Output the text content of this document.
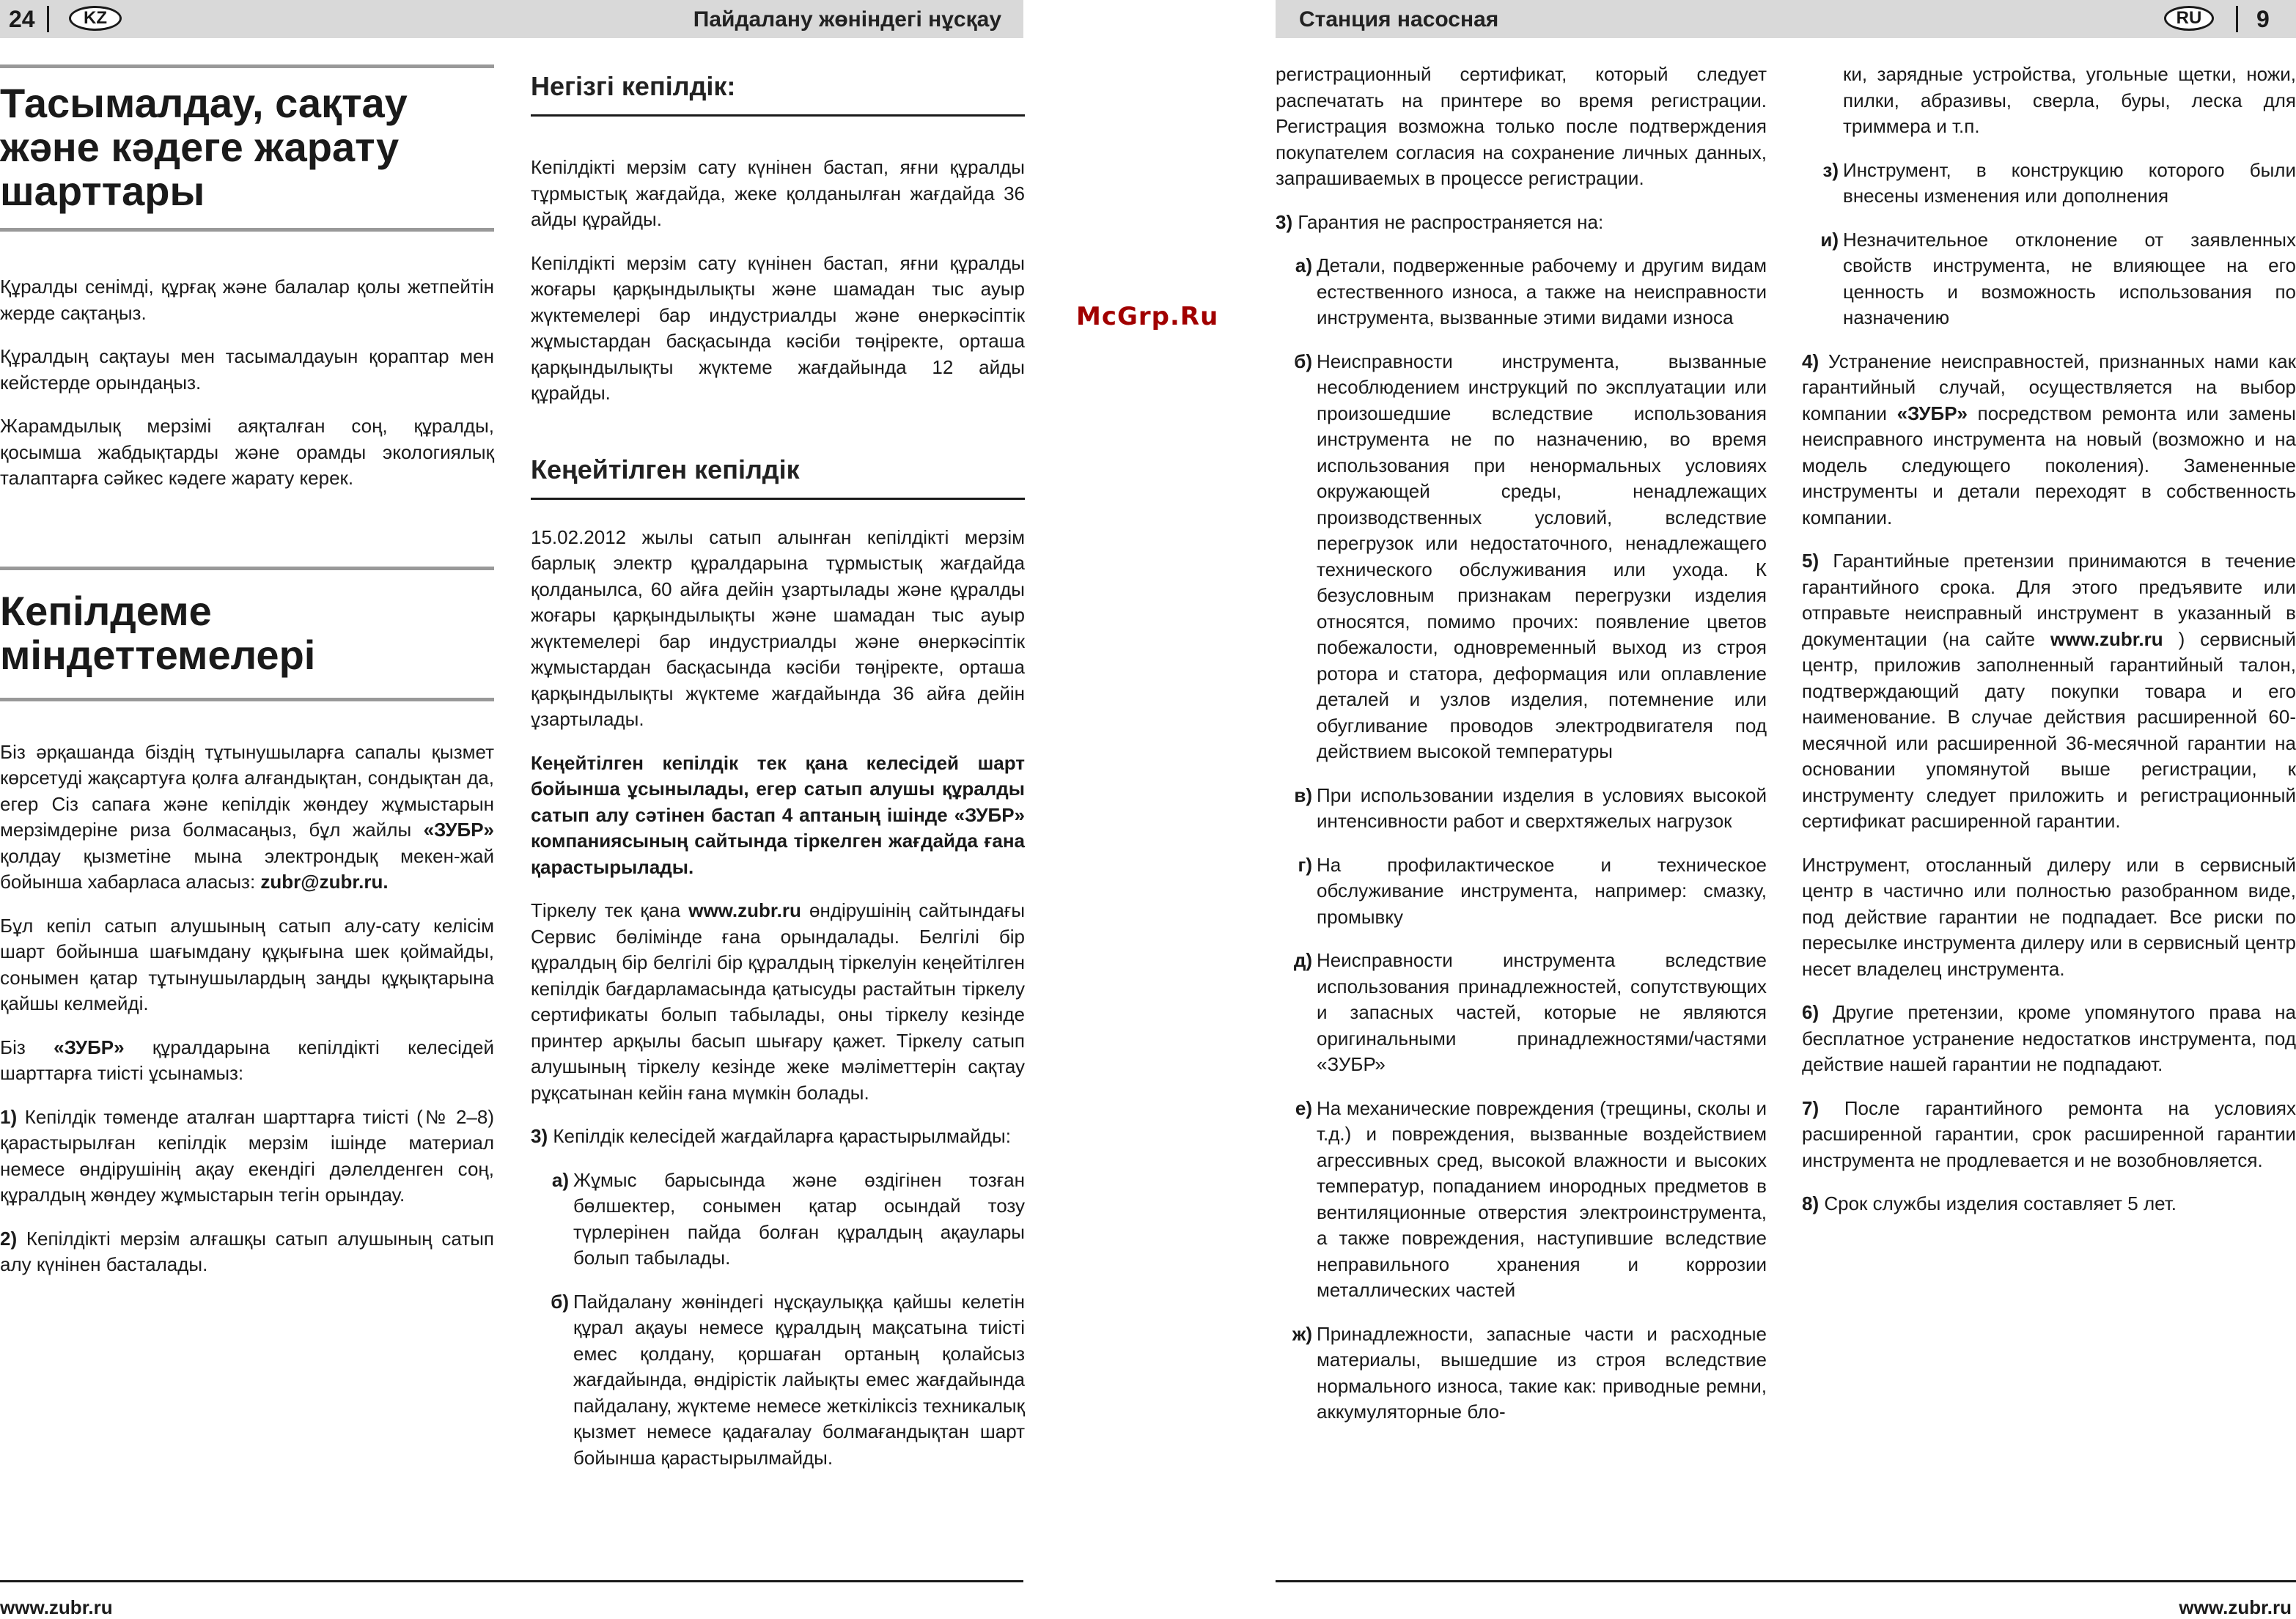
24	KZ	Пайдалану жөніндегі нұсқау	Станция насосная	RU	9
Тасымалдау, сақтау
және кәдеге жарату
шарттары

Құралды сенімді, құрғақ және балалар қолы жетпейтін жерде сақтаңыз.

Құралдың сақтауы мен тасымалдауын қораптар мен кейстерде орындаңыз.

Жарамдылық мерзімі аяқталған соң, құралды, қосымша жабдықтарды және орамды экологиялық талаптарға сәйкес кәдеге жарату керек.

Кепілдеме
міндеттемелері

Біз әрқашанда біздің тұтынушыларға сапалы қызмет көрсетуді жақсартуға қолға алғандықтан, сондықтан да, егер Сіз сапаға және кепілдік жөндеу жұмыстарын мерзімдеріне риза болмасаңыз, бұл жайлы «ЗУБР» қолдау қызметіне мына электрондық мекен-жай бойынша хабарласа аласыз: zubr@zubr.ru.

Бұл кепіл сатып алушының сатып алу-сату келісім шарт бойынша шағымдану құқығына шек қоймайды, сонымен қатар тұтынушылардың заңды құқықтарына қайшы келмейді.

Біз «ЗУБР» құралдарына кепілдікті келесідей шарттарға тиісті ұсынамыз:

1) Кепілдік төменде аталған шарттарға тиісті (№ 2–8) қарастырылған кепілдік мерзім ішінде материал немесе өндірушінің ақау екендігі дәлелденген соң, құралдың жөндеу жұмыстарын тегін орындау.

2) Кепілдікті мерзім алғашқы сатып алушының сатып алу күнінен басталады.

Негізгі кепілдік:

Кепілдікті мерзім сату күнінен бастап, яғни құралды тұрмыстық жағдайда, жеке қолданылған жағдайда 36 айды құрайды.

Кепілдікті мерзім сату күнінен бастап, яғни құралды жоғары қарқындылықты және шамадан тыс ауыр жүктемелері бар индустриалды және өнеркәсіптік жұмыстардан басқасында кәсіби төңіректе, орташа қарқындылықты жүктеме жағдайында 12 айды құрайды.

Кеңейтілген кепілдік

15.02.2012 жылы сатып алынған кепілдікті мерзім барлық электр құралдарына тұрмыстық жағдайда қолданылса, 60 айға дейін ұзартылады және құралды жоғары қарқындылықты және шамадан тыс ауыр жүктемелері бар индустриалды және өнеркәсіптік жұмыстардан басқасында кәсіби төңіректе, орташа қарқындылықты жүктеме жағдайында 36 айға дейін ұзартылады.

Кеңейтілген кепілдік тек қана келесідей шарт бойынша ұсынылады, егер сатып алушы құралды сатып алу сәтінен бастап 4 аптаның ішінде «ЗУБР» компаниясының сайтында тіркелген жағдайда ғана қарастырылады.

Тіркелу тек қана www.zubr.ru өндірушінің сайтындағы Сервис бөлімінде ғана орындалады. Белгілі бір құралдың бір белгілі бір құралдың тіркелуін кеңейтілген кепілдік бағдарламасында қатысуды растайтын тіркелу сертификаты болып табылады, оны тіркелу кезінде принтер арқылы басып шығару қажет. Тіркелу сатып алушының тіркелу кезінде жеке мәліметтерін сақтау рұқсатынан кейін ғана мүмкін болады.

3) Кепілдік келесідей жағдайларға қарастырылмайды:

а) Жұмыс барысында және өздігінен тозған бөлшектер, сонымен қатар осындай тозу түрлерінен пайда болған құралдың ақаулары болып табылады.
б) Пайдалану жөніндегі нұсқаулыққа қайшы келетін құрал ақауы немесе құралдың мақсатына тиісті емес қолдану, қоршаған ортаның қолайсыз жағдайында, өндірістік лайықты емес жағдайында пайдалану, жүктеме немесе жеткіліксіз техникалық қызмет немесе қадағалау болмағандықтан шарт бойынша қарастырылмайды.
McGrp.Ru

регистрационный сертификат, который следует распечатать на принтере во время регистрации. Регистрация возможна только после подтверждения покупателем согласия на сохранение личных данных, запрашиваемых в процессе регистрации.

3) Гарантия не распространяется на:

а) Детали, подверженные рабочему и другим видам естественного износа, а также на неисправности инструмента, вызванные этими видами износа
б) Неисправности инструмента, вызванные несоблюдением инструкций по эксплуатации или произошедшие вследствие использования инструмента не по назначению, во время использования при ненормальных условиях окружающей среды, ненадлежащих производственных условий, вследствие перегрузок или недостаточного, ненадлежащего технического обслуживания или ухода. К безусловным признакам перегрузки изделия относятся, помимо прочих: появление цветов побежалости, одновременный выход из строя ротора и статора, деформация или оплавление деталей и узлов изделия, потемнение или обугливание проводов электродвигателя под действием высокой температуры
в) При использовании изделия в условиях высокой интенсивности работ и сверхтяжелых нагрузок
г) На профилактическое и техническое обслуживание инструмента, например: смазку, промывку
д) Неисправности инструмента вследствие использования принадлежностей, сопутствующих и запасных частей, которые не являются оригинальными принадлежностями/частями «ЗУБР»
е) На механические повреждения (трещины, сколы и т.д.) и повреждения, вызванные воздействием агрессивных сред, высокой влажности и высоких температур, попаданием инородных предметов в вентиляционные отверстия электроинструмента, а также повреждения, наступившие вследствие неправильного хранения и коррозии металлических частей
ж) Принадлежности, запасные части и расходные материалы, вышедшие из строя вследствие нормального износа, такие как: приводные ремни, аккумуляторные бло-

ки, зарядные устройства, угольные щетки, ножи, пилки, абразивы, сверла, буры, леска для триммера и т.п.

з) Инструмент, в конструкцию которого были внесены изменения или дополнения
и) Незначительное отклонение от заявленных свойств инструмента, не влияющее на его ценность и возможность использования по назначению

4) Устранение неисправностей, признанных нами как гарантийный случай, осуществляется на выбор компании «ЗУБР» посредством ремонта или замены неисправного инструмента на новый (возможно и на модель следующего поколения). Замененные инструменты и детали переходят в собственность компании.

5) Гарантийные претензии принимаются в течение гарантийного срока. Для этого предъявите или отправьте неисправный инструмент в указанный в документации (на сайте www.zubr.ru ) сервисный центр, приложив заполненный гарантийный талон, подтверждающий дату покупки товара и его наименование. В случае действия расширенной 60-месячной или расширенной 36-месячной гарантии на основании упомянутой выше регистрации, к инструменту следует приложить и регистрационный сертификат расширенной гарантии.

Инструмент, отосланный дилеру или в сервисный центр в частично или полностью разобранном виде, под действие гарантии не подпадает. Все риски по пересылке инструмента дилеру или в сервисный центр несет владелец инструмента.

6) Другие претензии, кроме упомянутого права на бесплатное устранение недостатков инструмента, под действие нашей гарантии не подпадают.

7) После гарантийного ремонта на условиях расширенной гарантии, срок расширенной гарантии инструмента не продлевается и не возобновляется.

8) Срок службы изделия составляет 5 лет.

www.zubr.ru	www.zubr.ru
